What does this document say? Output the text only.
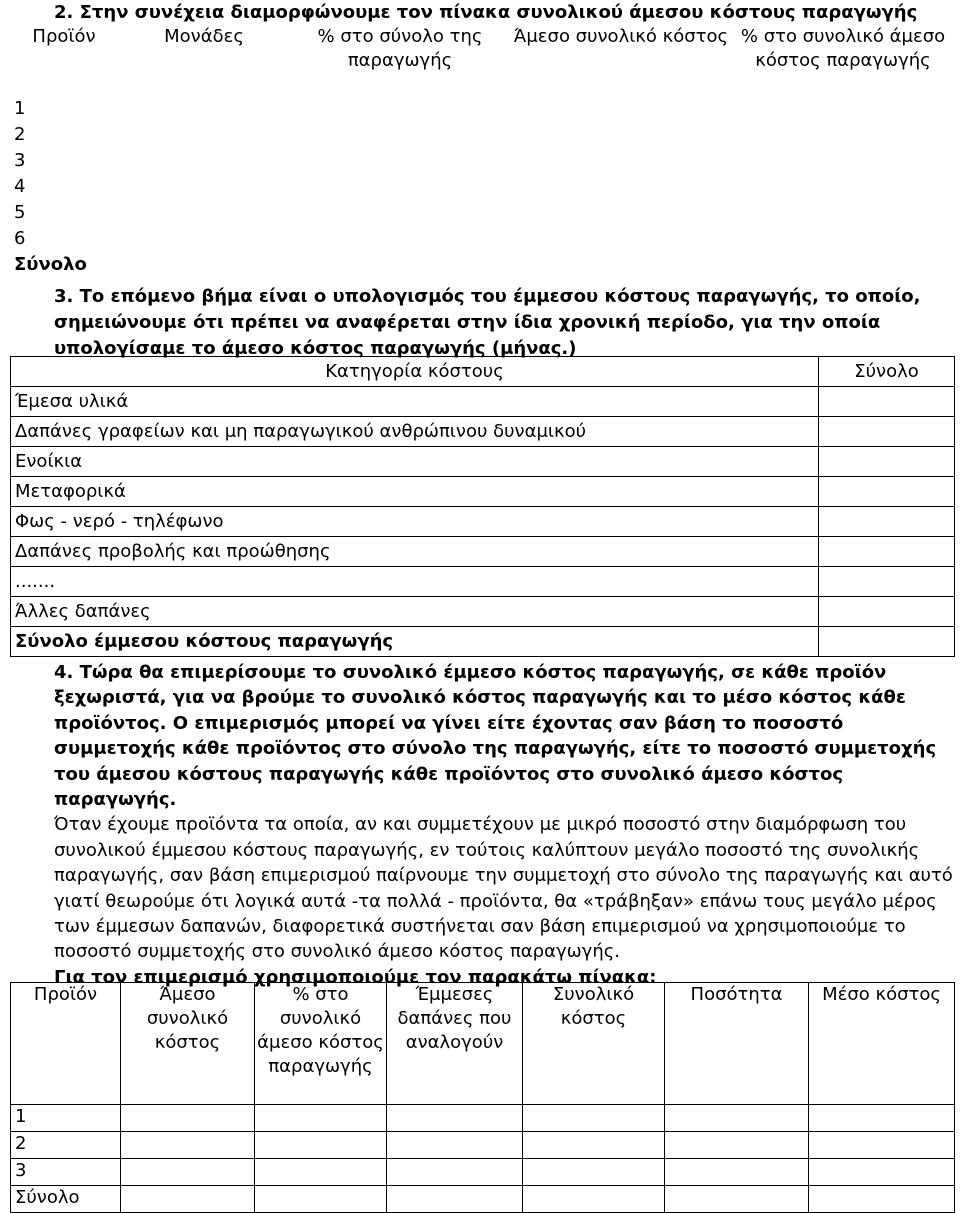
2. Στην συνέχεια διαμορφώνουμε τον πίνακα συνολικού άμεσου κόστους παραγωγής
Προϊόν	Μονάδες	% στο σύνολο της παραγωγής	Άμεσο συνολικό κόστος	% στο συνολικό άμεσο κόστος παραγωγής
1				
2				
3				
4				
5				
6				
Σύνολο				
3. Το επόμενο βήμα είναι ο υπολογισμός του έμμεσου κόστους παραγωγής, το οποίο, σημειώνουμε ότι πρέπει να αναφέρεται στην ίδια χρονική περίοδο, για την οποία υπολογίσαμε το άμεσο κόστος παραγωγής (μήνας.)
Κατηγορία κόστους	Σύνολο
Έμεσα υλικά	
Δαπάνες γραφείων και μη παραγωγικού ανθρώπινου δυναμικού	
Ενοίκια	
Μεταφορικά	
Φως - νερό - τηλέφωνο	
Δαπάνες προβολής και προώθησης	
.......	
Άλλες δαπάνες	
Σύνολο έμμεσου κόστους παραγωγής	
4. Τώρα θα επιμερίσουμε το συνολικό έμμεσο κόστος παραγωγής, σε κάθε προϊόν ξεχωριστά, για να βρούμε το συνολικό κόστος παραγωγής και το μέσο κόστος κάθε προϊόντος. Ο επιμερισμός μπορεί να γίνει είτε έχοντας σαν βάση το ποσοστό συμμετοχής κάθε προϊόντος στο σύνολο της παραγωγής, είτε το ποσοστό συμμετοχής του άμεσου κόστους παραγωγής κάθε προϊόντος στο συνολικό άμεσο κόστος παραγωγής.
Όταν έχουμε προϊόντα τα οποία, αν και συμμετέχουν με μικρό ποσοστό στην διαμόρφωση του συνολικού έμμεσου κόστους παραγωγής, εν τούτοις καλύπτουν μεγάλο ποσοστό της συνολικής παραγωγής, σαν βάση επιμερισμού παίρνουμε την συμμετοχή στο σύνολο της παραγωγής και αυτό γιατί θεωρούμε ότι λογικά αυτά -τα πολλά - προϊόντα, θα «τράβηξαν» επάνω τους μεγάλο μέρος των έμμεσων δαπανών, διαφορετικά συστήνεται σαν βάση επιμερισμού να χρησιμοποιούμε το ποσοστό συμμετοχής στο συνολικό άμεσο κόστος παραγωγής.
Για τον επιμερισμό χρησιμοποιούμε τον παρακάτω πίνακα:
Προϊόν	Άμεσο συνολικό κόστος	% στο συνολικό άμεσο κόστος παραγωγής	Έμμεσες δαπάνες που αναλογούν	Συνολικό κόστος	Ποσότητα	Μέσο κόστος
1						
2						
3						
Σύνολο						
